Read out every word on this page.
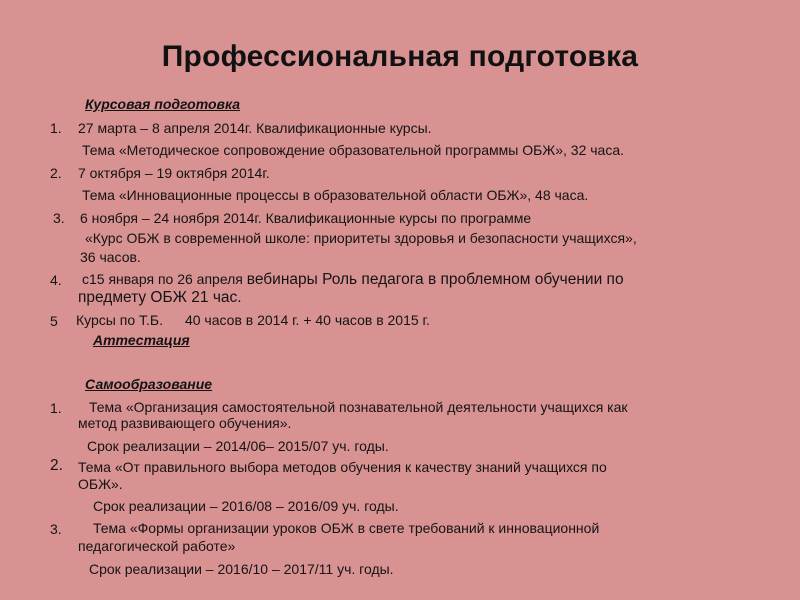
Профессиональная подготовка
Курсовая подготовка
1. 27 марта – 8 апреля 2014г. Квалификационные курсы.
Тема «Методическое сопровождение образовательной программы ОБЖ», 32 часа.
2. 7 октября – 19 октября 2014г.
Тема «Инновационные процессы в образовательной области ОБЖ», 48 часа.
3. 6 ноября – 24 ноября 2014г. Квалификационные курсы по программе
«Курс ОБЖ в современной школе: приоритеты здоровья и безопасности учащихся»,
36 часов.
4. с15 января по 26 апреля вебинары Роль педагога в проблемном обучении по
предмету ОБЖ 21 час.
5 Курсы по Т.Б. 40 часов в 2014 г. + 40 часов в 2015 г.
Аттестация
Самообразование
1. Тема «Организация самостоятельной познавательной деятельности учащихся как
метод развивающего обучения».
Срок реализации – 2014/06– 2015/07 уч. годы.
2. Тема «От правильного выбора методов обучения к качеству знаний учащихся по
ОБЖ».
Срок реализации – 2016/08 – 2016/09 уч. годы.
3. Тема «Формы организации уроков ОБЖ в свете требований к инновационной
педагогической работе»
Срок реализации – 2016/10 – 2017/11 уч. годы.
